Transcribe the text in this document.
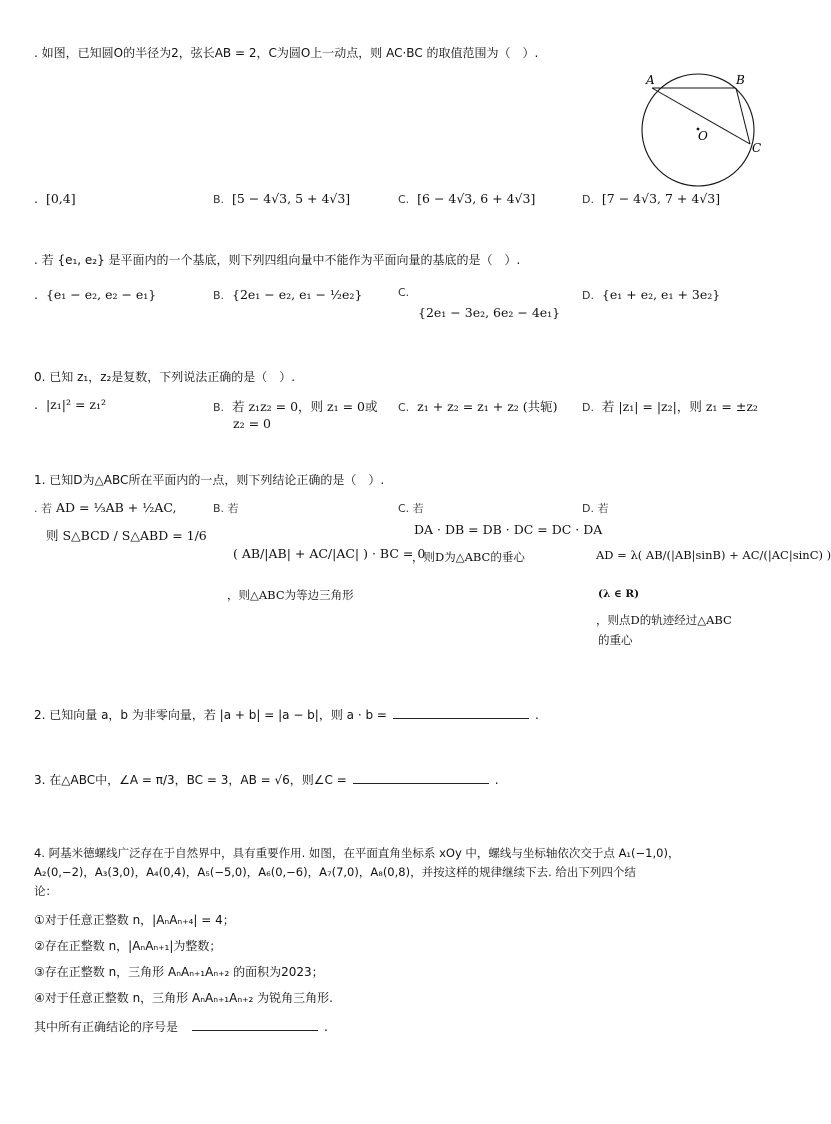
. 如图，已知圆O的半径为2，弦长AB = 2，C为圆O上一动点，则 AC·BC 的取值范围为（　）.
A	B
O
C
. [0,4]	B. [5 − 4√3, 5 + 4√3]	C. [6 − 4√3, 6 + 4√3]	D. [7 − 4√3, 7 + 4√3]
. 若 {e₁, e₂} 是平面内的一个基底，则下列四组向量中不能作为平面向量的基底的是（　）.
. {e₁ − e₂, e₂ − e₁}	B. {2e₁ − e₂, e₁ − ½e₂}	C.
{2e₁ − 3e₂, 6e₂ − 4e₁}
D. {e₁ + e₂, e₁ + 3e₂}
0. 已知 z₁，z₂是复数，下列说法正确的是（　）.
. |z₁|² = z₁²	B. 若 z₁z₂ = 0，则 z₁ = 0或
z₂ = 0
C. z₁ + z₂ = z₁ + z₂ (共轭) D. 若 |z₁| = |z₂|，则 z₁ = ±z₂
1. 已知D为△ABC所在平面内的一点，则下列结论正确的是（　）.
. 若 AD = ⅓AB + ½AC,
则 S△BCD / S△ABD = 1/6
B. 若
( AB/|AB| + AC/|AC| ) · BC = 0
，则△ABC为等边三角形
C. 若
DA · DB = DB · DC = DC · DA
，则D为△ABC的垂心
D. 若
AD = λ( AB/(|AB|sinB) + AC/(|AC|sinC) )
(λ ∈ R)
，则点D的轨迹经过△ABC
的重心
2. 已知向量 a，b 为非零向量，若 |a + b| = |a − b|，则 a · b =	.
3. 在△ABC中，∠A = π/3，BC = 3，AB = √6，则∠C =	.
4. 阿基米德螺线广泛存在于自然界中，具有重要作用. 如图，在平面直角坐标系 xOy 中，螺线与坐标轴依次交于点 A₁(−1,0)，
A₂(0,−2)，A₃(3,0)，A₄(0,4)，A₅(−5,0)，A₆(0,−6)，A₇(7,0)，A₈(0,8)，并按这样的规律继续下去. 给出下列四个结
论：
①对于任意正整数 n，|AₙAₙ₊₄| = 4；
②存在正整数 n，|AₙAₙ₊₁|为整数；
③存在正整数 n，三角形 AₙAₙ₊₁Aₙ₊₂ 的面积为2023；
④对于任意正整数 n，三角形 AₙAₙ₊₁Aₙ₊₂ 为锐角三角形.
其中所有正确结论的序号是	.
